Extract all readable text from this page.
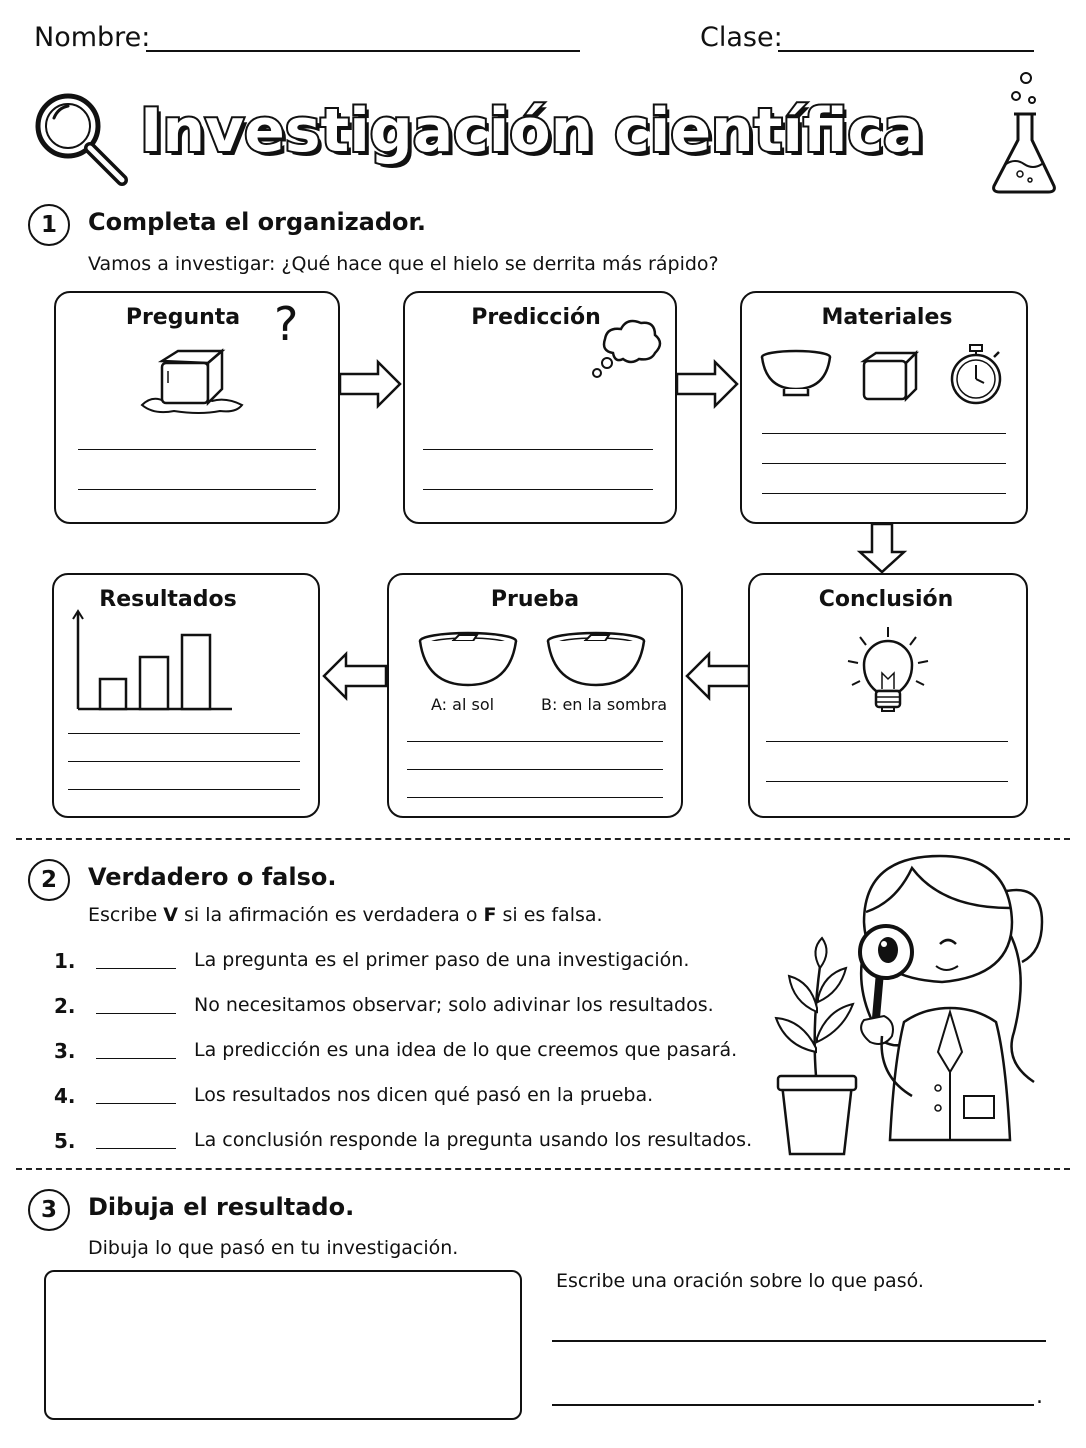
Nombre:	Clase:
Investigación científica
1	Completa el organizador.
Vamos a investigar: ¿Qué hace que el hielo se derrita más rápido?
Pregunta ?	Predicción	Materiales
Resultados	Prueba
A: al sol	B: en la sombra
Conclusión
2	Verdadero o falso.
Escribe V si la afirmación es verdadera o F si es falsa.
1.	La pregunta es el primer paso de una investigación.
2.	No necesitamos observar; solo adivinar los resultados.
3.	La predicción es una idea de lo que creemos que pasará.
4.	Los resultados nos dicen qué pasó en la prueba.
5.	La conclusión responde la pregunta usando los resultados.
3	Dibuja el resultado.
Dibuja lo que pasó en tu investigación.
Escribe una oración sobre lo que pasó.
.
